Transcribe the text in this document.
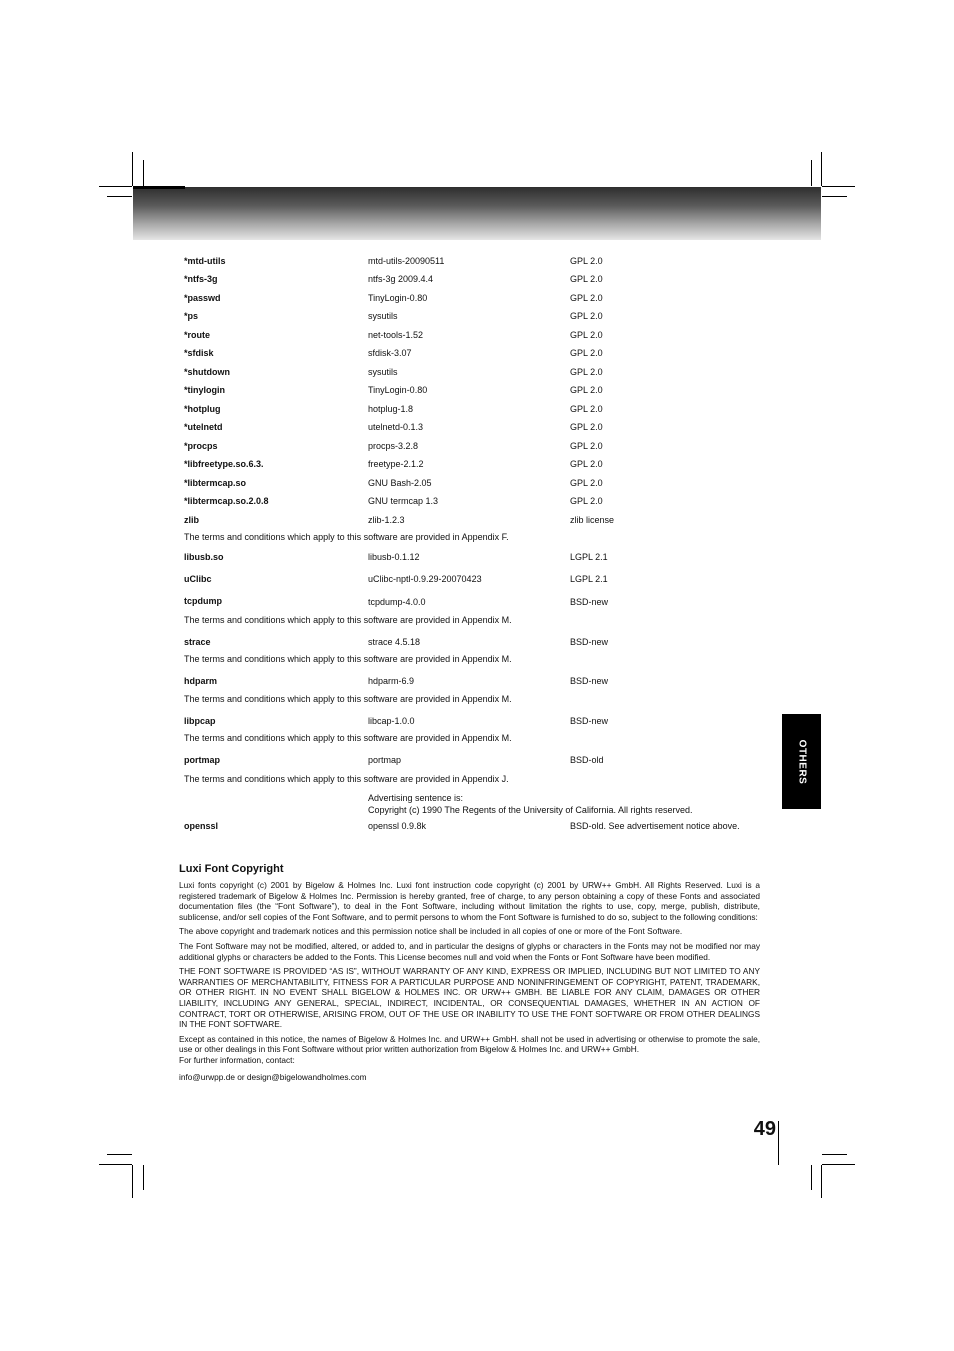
*mtd-utils	mtd-utils-20090511	GPL 2.0
*ntfs-3g	ntfs-3g 2009.4.4	GPL 2.0
*passwd	TinyLogin-0.80	GPL 2.0
*ps	sysutils	GPL 2.0
*route	net-tools-1.52	GPL 2.0
*sfdisk	sfdisk-3.07	GPL 2.0
*shutdown	sysutils	GPL 2.0
*tinylogin	TinyLogin-0.80	GPL 2.0
*hotplug	hotplug-1.8	GPL 2.0
*utelnetd	utelnetd-0.1.3	GPL 2.0
*procps	procps-3.2.8	GPL 2.0
*libfreetype.so.6.3.	freetype-2.1.2	GPL 2.0
*libtermcap.so	GNU Bash-2.05	GPL 2.0
*libtermcap.so.2.0.8	GNU termcap 1.3	GPL 2.0
zlib	zlib-1.2.3	zlib license
The terms and conditions which apply to this software are provided in Appendix F.
libusb.so	libusb-0.1.12	LGPL 2.1
uClibc	uClibc-nptl-0.9.29-20070423	LGPL 2.1
tcpdump	tcpdump-4.0.0	BSD-new
The terms and conditions which apply to this software are provided in Appendix M.
strace	strace 4.5.18	BSD-new
The terms and conditions which apply to this software are provided in Appendix M.
hdparm	hdparm-6.9	BSD-new
The terms and conditions which apply to this software are provided in Appendix M.
libpcap	libcap-1.0.0	BSD-new
The terms and conditions which apply to this software are provided in Appendix M.
portmap	portmap	BSD-old
The terms and conditions which apply to this software are provided in Appendix J.
Advertising sentence is:
Copyright (c) 1990 The Regents of the University of California. All rights reserved.
openssl	openssl 0.9.8k	BSD-old. See advertisement notice above.
OTHERS
Luxi Font Copyright

Luxi fonts copyright (c) 2001 by Bigelow & Holmes Inc. Luxi font instruction code copyright (c) 2001 by URW++ GmbH. All Rights Reserved. Luxi is a registered trademark of Bigelow & Holmes Inc. Permission is hereby granted, free of charge, to any person obtaining a copy of these Fonts and associated documentation files (the “Font Software”), to deal in the Font Software, including without limitation the rights to use, copy, merge, publish, distribute, sublicense, and/or sell copies of the Font Software, and to permit persons to whom the Font Software is furnished to do so, subject to the following conditions:

The above copyright and trademark notices and this permission notice shall be included in all copies of one or more of the Font Software.

The Font Software may not be modified, altered, or added to, and in particular the designs of glyphs or characters in the Fonts may not be modified nor may additional glyphs or characters be added to the Fonts. This License becomes null and void when the Fonts or Font Software have been modified.

THE FONT SOFTWARE IS PROVIDED “AS IS”, WITHOUT WARRANTY OF ANY KIND, EXPRESS OR IMPLIED, INCLUDING BUT NOT LIMITED TO ANY WARRANTIES OF MERCHANTABILITY, FITNESS FOR A PARTICULAR PURPOSE AND NONINFRINGEMENT OF COPYRIGHT, PATENT, TRADEMARK, OR OTHER RIGHT. IN NO EVENT SHALL BIGELOW & HOLMES INC. OR URW++ GMBH. BE LIABLE FOR ANY CLAIM, DAMAGES OR OTHER LIABILITY, INCLUDING ANY GENERAL, SPECIAL, INDIRECT, INCIDENTAL, OR CONSEQUENTIAL DAMAGES, WHETHER IN AN ACTION OF CONTRACT, TORT OR OTHERWISE, ARISING FROM, OUT OF THE USE OR INABILITY TO USE THE FONT SOFTWARE OR FROM OTHER DEALINGS IN THE FONT SOFTWARE.

Except as contained in this notice, the names of Bigelow & Holmes Inc. and URW++ GmbH. shall not be used in advertising or otherwise to promote the sale, use or other dealings in this Font Software without prior written authorization from Bigelow & Holmes Inc. and URW++ GmbH.

For further information, contact:

info@urwpp.de or design@bigelowandholmes.com

49
